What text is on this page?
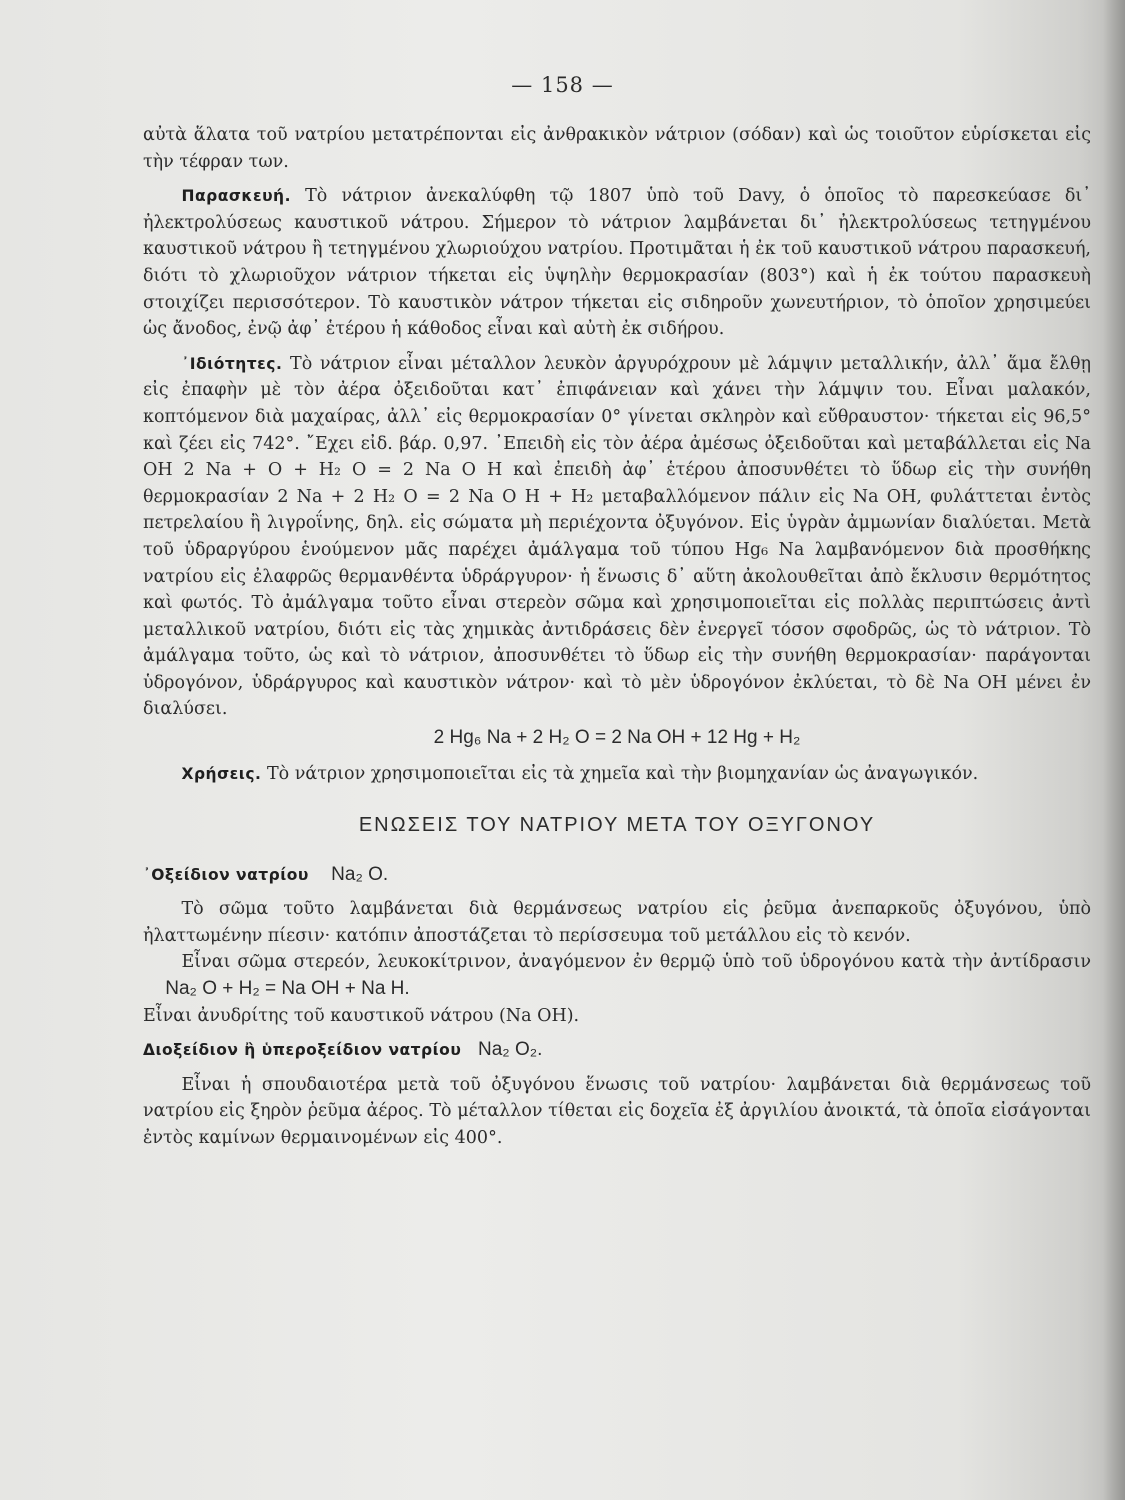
— 158 —

αὐτὰ ἅλατα τοῦ νατρίου μετατρέπονται εἰς ἀνθρακικὸν νάτριον (σόδαν) καὶ ὡς τοιοῦτον εὑρίσκεται εἰς τὴν τέφραν των.

Παρασκευή. Τὸ νάτριον ἀνεκαλύφθη τῷ 1807 ὑπὸ τοῦ Davy, ὁ ὁποῖος τὸ παρεσκεύασε δι᾿ ἠλεκτρολύσεως καυστικοῦ νάτρου. Σήμερον τὸ νάτριον λαμβάνεται δι᾿ ἠλεκτρολύσεως τετηγμένου καυστικοῦ νάτρου ἢ τετηγμένου χλωριούχου νατρίου. Προτιμᾶται ἡ ἐκ τοῦ καυστικοῦ νάτρου παρασκευή, διότι τὸ χλωριοῦχον νάτριον τήκεται εἰς ὑψηλὴν θερμοκρασίαν (803°) καὶ ἡ ἐκ τούτου παρασκευὴ στοιχίζει περισσότερον. Τὸ καυστικὸν νάτρον τήκεται εἰς σιδηροῦν χωνευτήριον, τὸ ὁποῖον χρησιμεύει ὡς ἄνοδος, ἐνῷ ἀφ᾿ ἑτέρου ἡ κάθοδος εἶναι καὶ αὐτὴ ἐκ σιδήρου.

᾿Ιδιότητες. Τὸ νάτριον εἶναι μέταλλον λευκὸν ἀργυρόχρουν μὲ λάμψιν μεταλλικήν, ἀλλ᾿ ἅμα ἔλθῃ εἰς ἐπαφὴν μὲ τὸν ἀέρα ὀξειδοῦται κατ᾿ ἐπιφάνειαν καὶ χάνει τὴν λάμψιν του. Εἶναι μαλακόν, κοπτόμενον διὰ μαχαίρας, ἀλλ᾿ εἰς θερμοκρασίαν 0° γίνεται σκληρὸν καὶ εὔθραυστον· τήκεται εἰς 96,5° καὶ ζέει εἰς 742°. ῎Εχει εἰδ. βάρ. 0,97. ᾿Επειδὴ εἰς τὸν ἀέρα ἀμέσως ὀξειδοῦται καὶ μεταβάλλεται εἰς Na OH 2 Na + O + H₂ O = 2 Na O H καὶ ἐπειδὴ ἀφ᾿ ἑτέρου ἀποσυνθέτει τὸ ὕδωρ εἰς τὴν συνήθη θερμοκρασίαν 2 Na + 2 H₂ O = 2 Na O H + H₂ μεταβαλλόμενον πάλιν εἰς Na OH, φυλάττεται ἐντὸς πετρελαίου ἢ λιγροΐνης, δηλ. εἰς σώματα μὴ περιέχοντα ὀξυγόνον. Εἰς ὑγρὰν ἀμμωνίαν διαλύεται. Μετὰ τοῦ ὑδραργύρου ἑνούμενον μᾶς παρέχει ἀμάλγαμα τοῦ τύπου Hg₆ Na λαμβανόμενον διὰ προσθήκης νατρίου εἰς ἐλαφρῶς θερμανθέντα ὑδράργυρον· ἡ ἕνωσις δ᾿ αὕτη ἀκολουθεῖται ἀπὸ ἔκλυσιν θερμότητος καὶ φωτός. Τὸ ἀμάλγαμα τοῦτο εἶναι στερεὸν σῶμα καὶ χρησιμοποιεῖται εἰς πολλὰς περιπτώσεις ἀντὶ μεταλλικοῦ νατρίου, διότι εἰς τὰς χημικὰς ἀντιδράσεις δὲν ἐνεργεῖ τόσον σφοδρῶς, ὡς τὸ νάτριον. Τὸ ἀμάλγαμα τοῦτο, ὡς καὶ τὸ νάτριον, ἀποσυνθέτει τὸ ὕδωρ εἰς τὴν συνήθη θερμοκρασίαν· παράγονται ὑδρογόνον, ὑδράργυρος καὶ καυστικὸν νάτρον· καὶ τὸ μὲν ὑδρογόνον ἐκλύεται, τὸ δὲ Na OH μένει ἐν διαλύσει.

2 Hg₆ Na + 2 H₂ O = 2 Na OH + 12 Hg + H₂

Χρήσεις. Τὸ νάτριον χρησιμοποιεῖται εἰς τὰ χημεῖα καὶ τὴν βιομηχανίαν ὡς ἀναγωγικόν.

ΕΝΩΣΕΙΣ ΤΟΥ ΝΑΤΡΙΟΥ ΜΕΤΑ ΤΟΥ ΟΞΥΓΟΝΟΥ

᾿Οξείδιον νατρίου Na₂ O.

Τὸ σῶμα τοῦτο λαμβάνεται διὰ θερμάνσεως νατρίου εἰς ῥεῦμα ἀνεπαρκοῦς ὀξυγόνου, ὑπὸ ἠλαττωμένην πίεσιν· κατόπιν ἀποστάζεται τὸ περίσσευμα τοῦ μετάλλου εἰς τὸ κενόν.

Εἶναι σῶμα στερεόν, λευκοκίτρινον, ἀναγόμενον ἐν θερμῷ ὑπὸ τοῦ ὑδρογόνου κατὰ τὴν ἀντίδρασιν     Na₂ O + H₂ = Na OH + Na H.

Εἶναι ἀνυδρίτης τοῦ καυστικοῦ νάτρου (Na OH).

Διοξείδιον ἢ ὑπεροξείδιον νατρίου Na₂ O₂.

Εἶναι ἡ σπουδαιοτέρα μετὰ τοῦ ὀξυγόνου ἕνωσις τοῦ νατρίου· λαμβάνεται διὰ θερμάνσεως τοῦ νατρίου εἰς ξηρὸν ῥεῦμα ἀέρος. Τὸ μέταλλον τίθεται εἰς δοχεῖα ἐξ ἀργιλίου ἀνοικτά, τὰ ὁποῖα εἰσάγονται ἐντὸς καμίνων θερμαινομένων εἰς 400°.
